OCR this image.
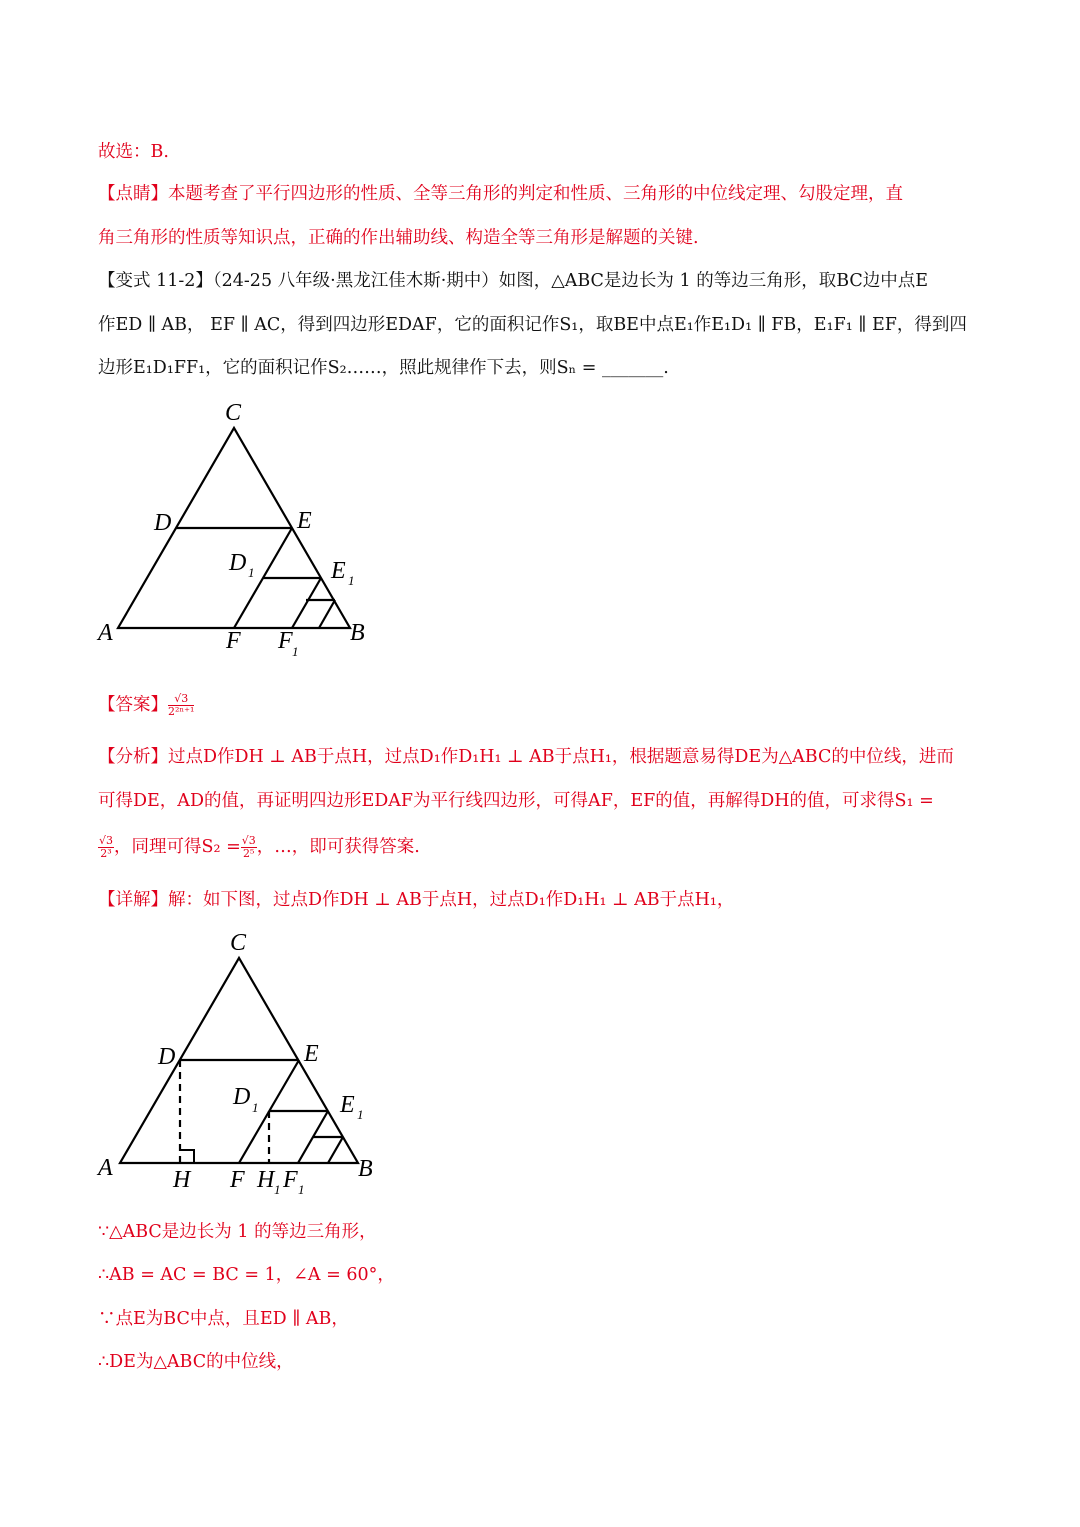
故选：B.
【点睛】本题考查了平行四边形的性质、全等三角形的判定和性质、三角形的中位线定理、勾股定理，直
角三角形的性质等知识点，正确的作出辅助线、构造全等三角形是解题的关键.
【变式 11-2】（24-25 八年级·黑龙江佳木斯·期中）如图，△ABC是边长为 1 的等边三角形，取BC边中点E
作ED ∥ AB， EF ∥ AC，得到四边形EDAF，它的面积记作S₁，取BE中点E₁作E₁D₁ ∥ FB，E₁F₁ ∥ EF，得到四
边形E₁D₁FF₁，它的面积记作S₂……，照此规律作下去，则Sₙ = _______.
C
D	E
D 1	E 1
A	F F 1
B
【答案】 $\frac{√3}{\text{2²ⁿ⁺¹}}$
【分析】过点D作DH ⊥ AB于点H，过点D₁作D₁H₁ ⊥ AB于点H₁，根据题意易得DE为△ABC的中位线，进而
可得DE，AD的值，再证明四边形EDAF为平行线四边形，可得AF，EF的值，再解得DH的值，可求得S₁ =
$\frac{√3}{\text{2³}}$ ，同理可得$S_2 = \frac{√3}{\text{2⁵}}$ ，…，即可获得答案.
【详解】解：如下图，过点D作DH ⊥ AB于点H，过点D₁作D₁H₁ ⊥ AB于点H₁，
C
D	E
D 1	E 1
A	H F H 1 F 1
B
∵△ABC是边长为 1 的等边三角形，
∴AB = AC = BC = 1，∠A = 60°，
∵点E为BC中点，且ED ∥ AB，
∴DE为△ABC的中位线，
